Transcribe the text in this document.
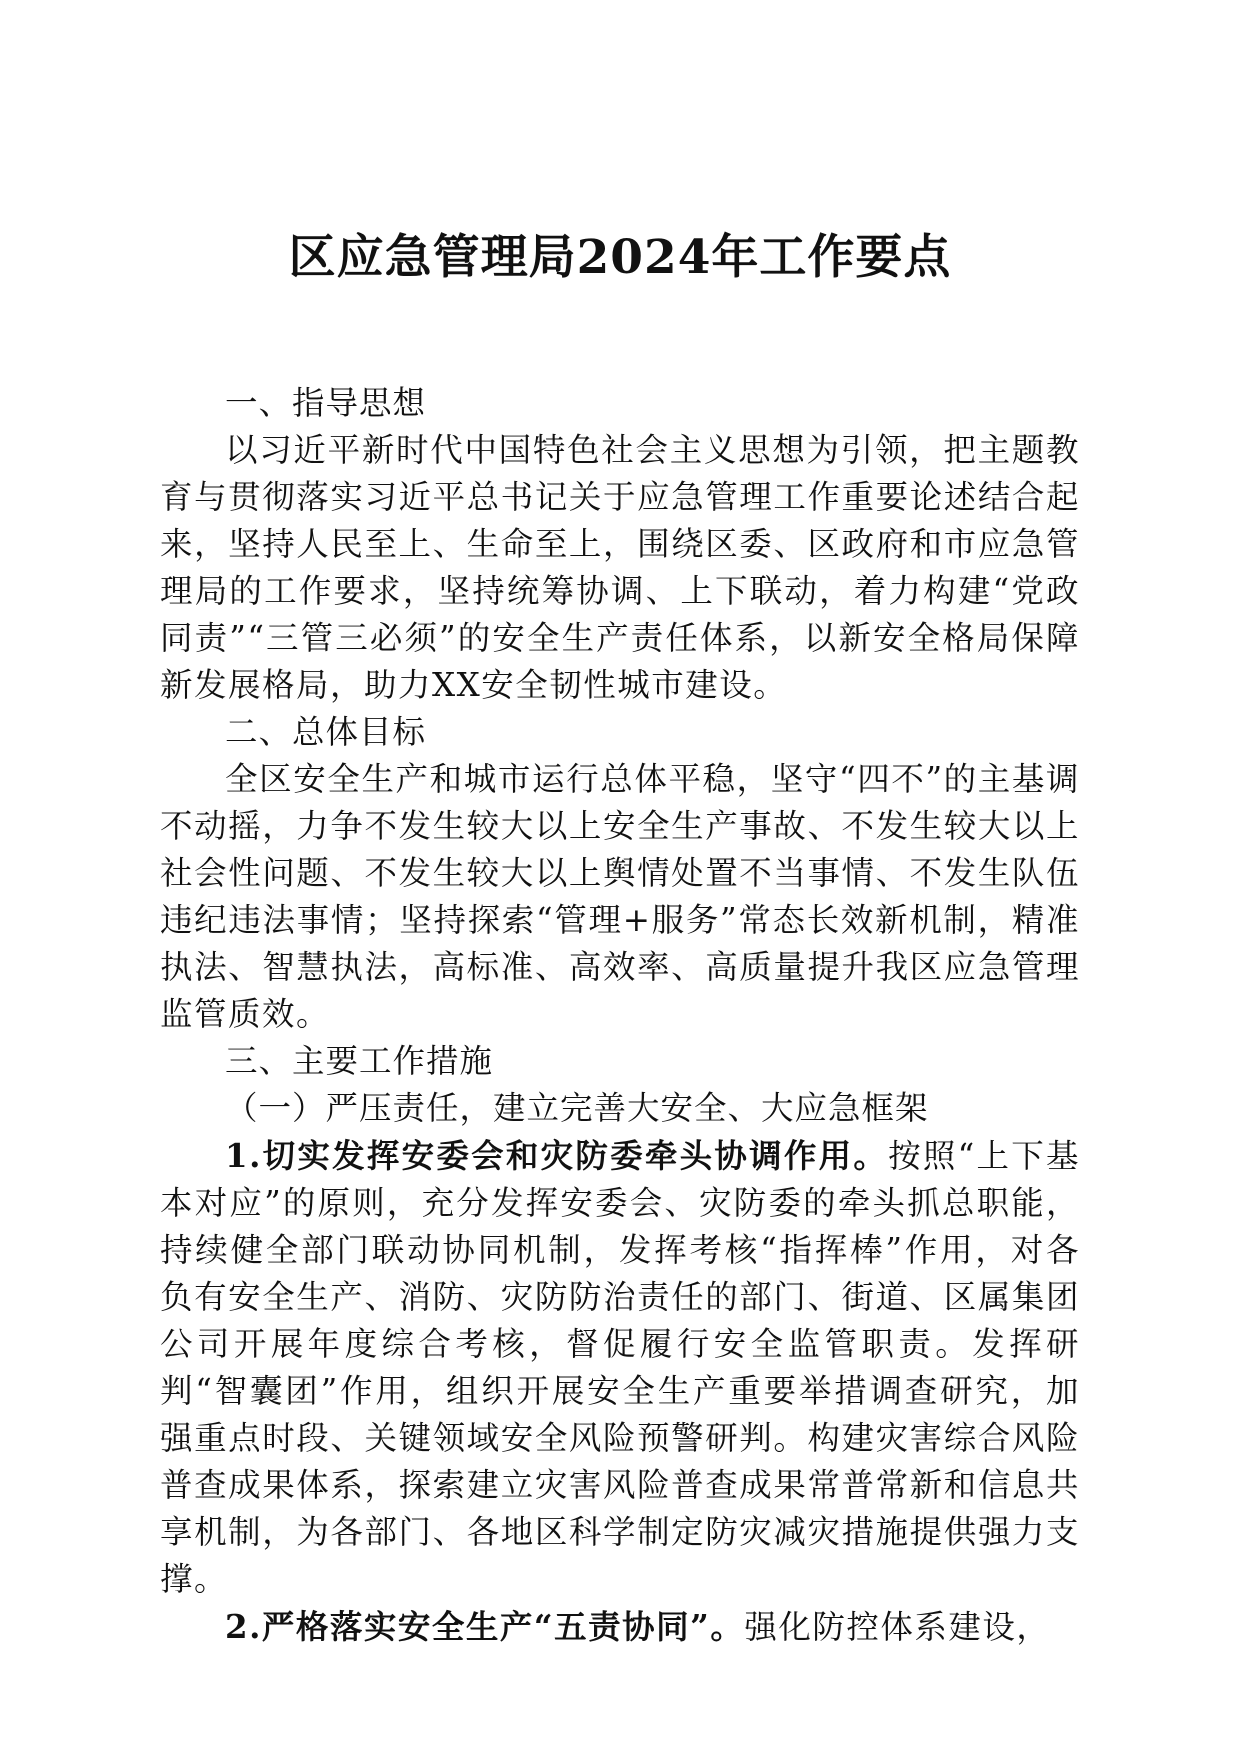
区应急管理局2024年工作要点
一、指导思想

以习近平新时代中国特色社会主义思想为引领，把主题教育与贯彻落实习近平总书记关于应急管理工作重要论述结合起来，坚持人民至上、生命至上，围绕区委、区政府和市应急管理局的工作要求，坚持统筹协调、上下联动，着力构建“党政同责”“三管三必须”的安全生产责任体系，以新安全格局保障新发展格局，助力XX安全韧性城市建设。

二、总体目标

全区安全生产和城市运行总体平稳，坚守“四不”的主基调不动摇，力争不发生较大以上安全生产事故、不发生较大以上社会性问题、不发生较大以上舆情处置不当事情、不发生队伍违纪违法事情；坚持探索“管理+服务”常态长效新机制，精准执法、智慧执法，高标准、高效率、高质量提升我区应急管理监管质效。

三、主要工作措施
（一）严压责任，建立完善大安全、大应急框架

1.切实发挥安委会和灾防委牵头协调作用。按照“上下基本对应”的原则，充分发挥安委会、灾防委的牵头抓总职能，持续健全部门联动协同机制，发挥考核“指挥棒”作用，对各负有安全生产、消防、灾防防治责任的部门、街道、区属集团公司开展年度综合考核，督促履行安全监管职责。发挥研判“智囊团”作用，组织开展安全生产重要举措调查研究，加强重点时段、关键领域安全风险预警研判。构建灾害综合风险普查成果体系，探索建立灾害风险普查成果常普常新和信息共享机制，为各部门、各地区科学制定防灾减灾措施提供强力支撑。

2.严格落实安全生产“五责协同”。强化防控体系建设，
